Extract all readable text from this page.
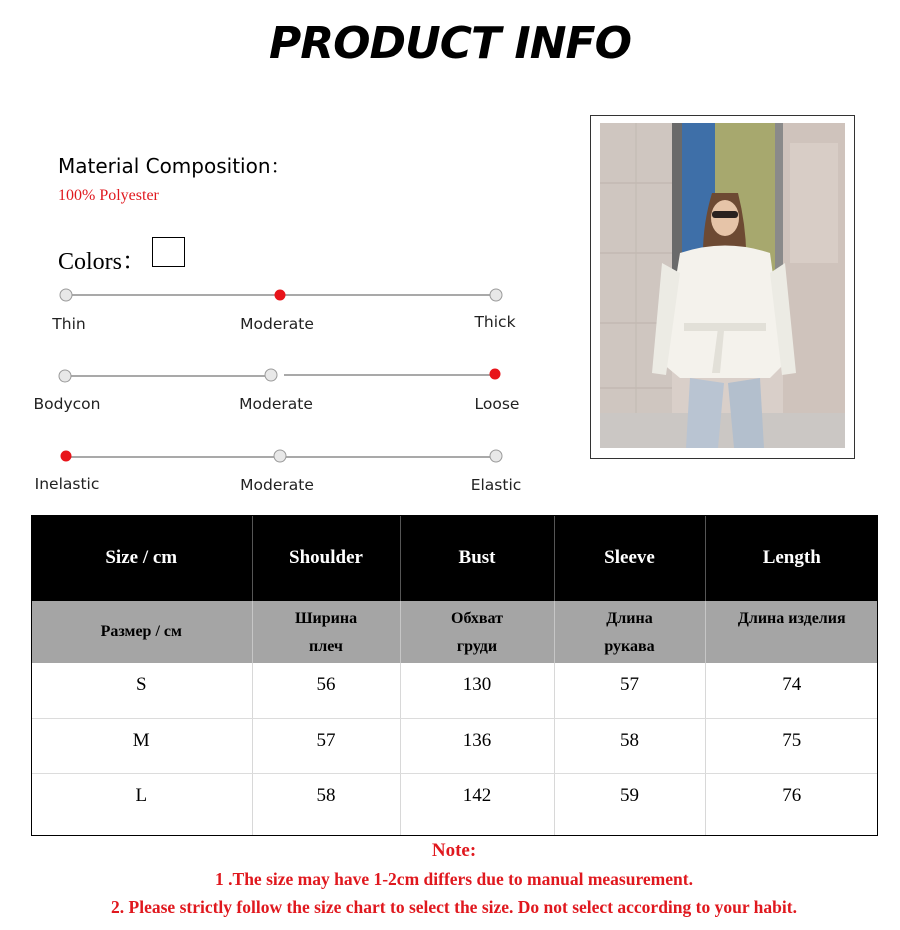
PRODUCT INFO
Material Composition：
100% Polyester
Colors：
Thin	Moderate	Thick
Bodycon	Moderate	Loose
Inelastic	Moderate	Elastic
Size / cm	Shoulder	Bust	Sleeve	Length
Размер / см	Ширина плеч	Обхват груди	Длина рукава	Длина изделия
S	56	130	57	74
M	57	136	58	75
L	58	142	59	76
Note:
1 .The size may have 1-2cm differs due to manual measurement.
2. Please strictly follow the size chart to select the size. Do not select according to your habit.
